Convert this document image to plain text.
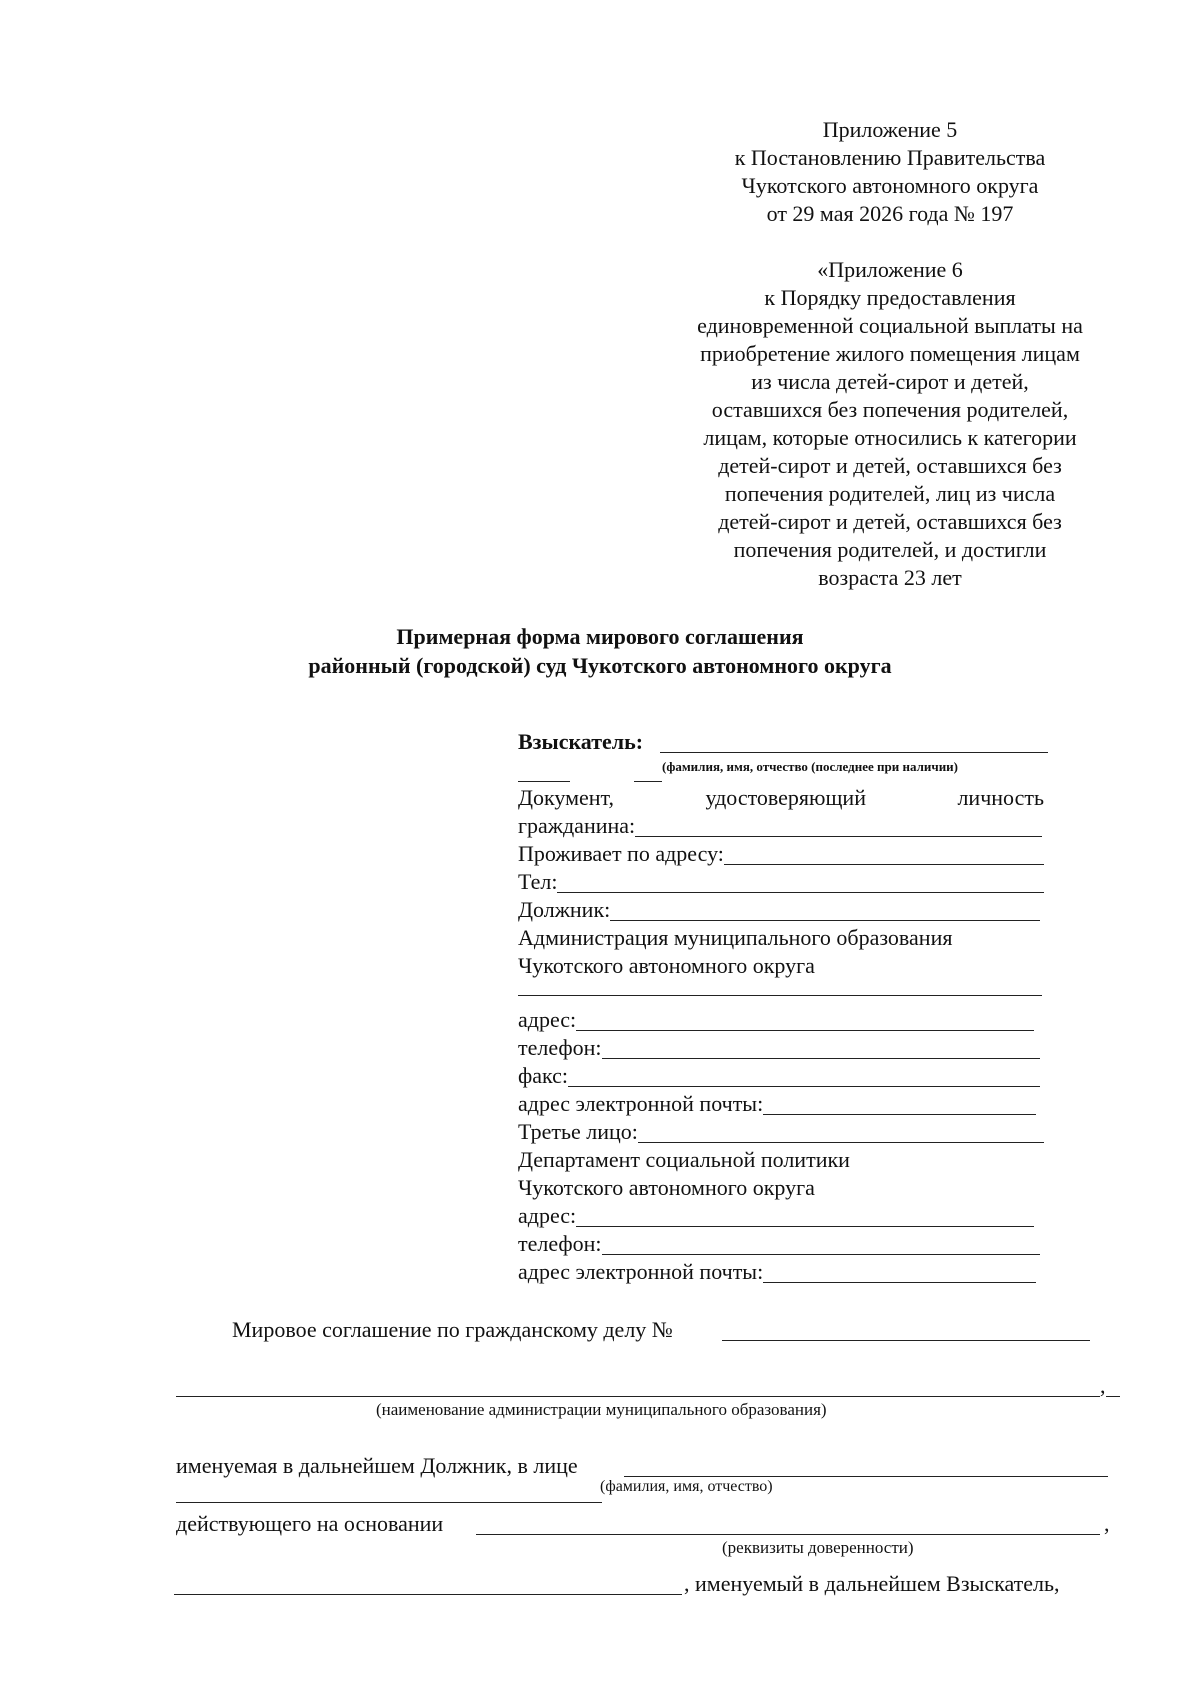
Приложение 5
к Постановлению Правительства
Чукотского автономного округа
от 29 мая 2026 года № 197
«Приложение 6
к Порядку предоставления
единовременной социальной выплаты на
приобретение жилого помещения лицам
из числа детей-сирот и детей,
оставшихся без попечения родителей,
лицам, которые относились к категории
детей-сирот и детей, оставшихся без
попечения родителей, лиц из числа
детей-сирот и детей, оставшихся без
попечения родителей, и достигли
возраста 23 лет
Примерная форма мирового соглашения
районный (городской) суд Чукотского автономного округа
Взыскатель:
(фамилия, имя, отчество (последнее при наличии)
Документ,	удостоверяющий	личность
гражданина:
Проживает по адресу:
Тел:
Должник:
Администрация муниципального образования
Чукотского автономного округа
адрес:
телефон:
факс:
адрес электронной почты:
Третье лицо:
Департамент социальной политики
Чукотского автономного округа
адрес:
телефон:
адрес электронной почты:
Мировое соглашение по гражданскому делу №
,
(наименование администрации муниципального образования)
именуемая в дальнейшем Должник, в лице
(фамилия, имя, отчество)
действующего на основании	,
(реквизиты доверенности)
, именуемый в дальнейшем Взыскатель,
